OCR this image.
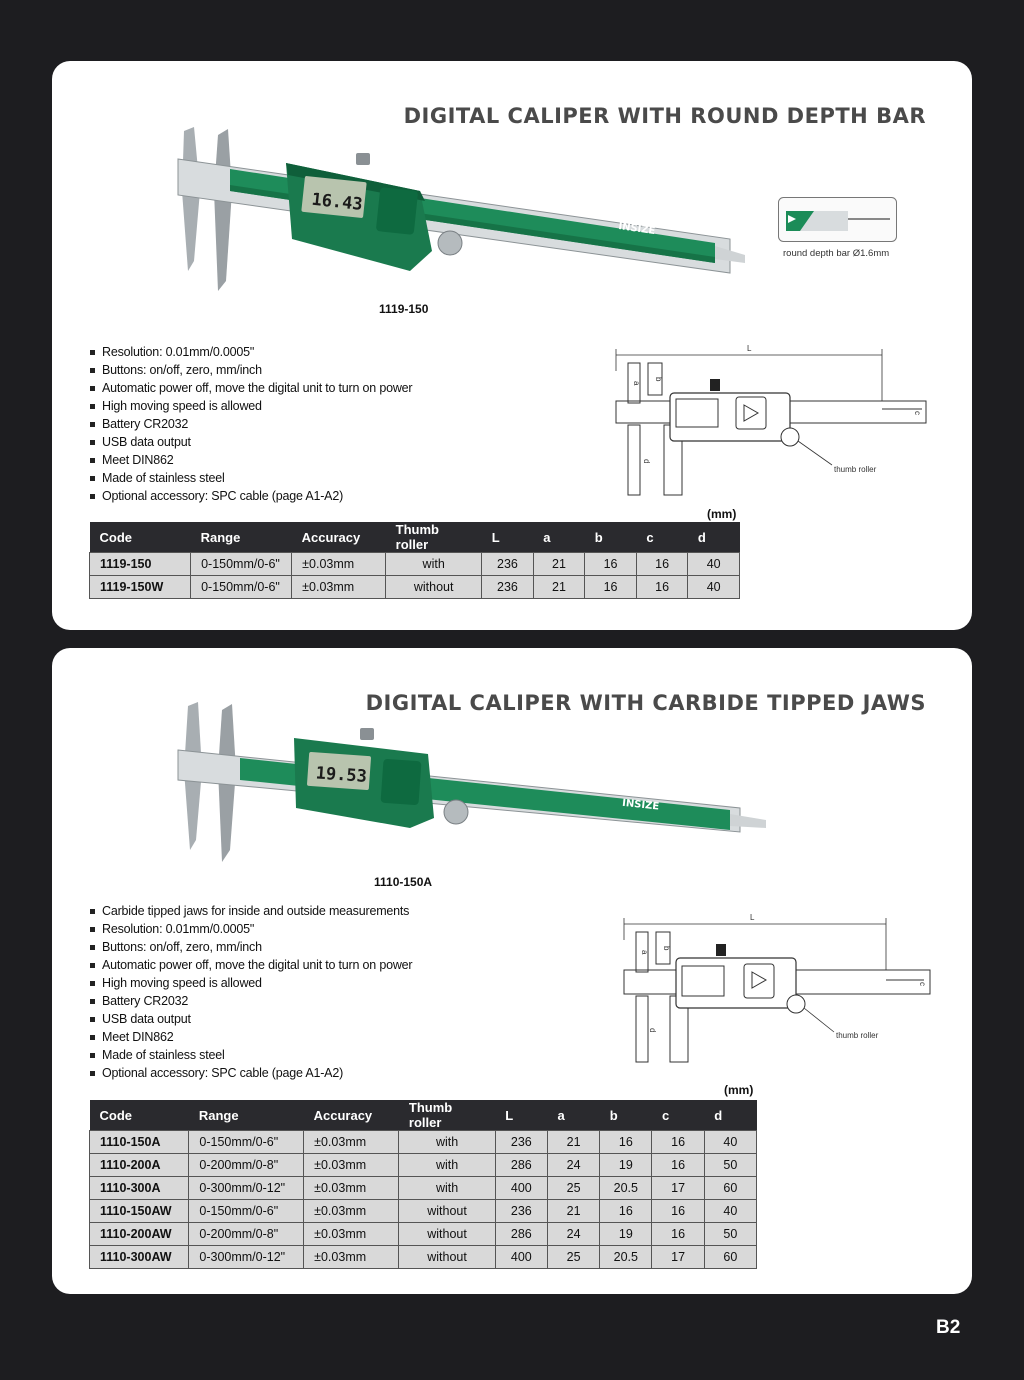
DIGITAL CALIPER WITH ROUND DEPTH BAR
16.43
INSIZE
round depth bar Ø1.6mm
1119-150
Resolution: 0.01mm/0.0005"
Buttons: on/off, zero, mm/inch
Automatic power off, move the digital unit to turn on power
High moving speed is allowed
Battery CR2032
USB data output
Meet DIN862
Made of stainless steel
Optional accessory: SPC cable (page A1-A2)
L
a
b
d
thumb roller
c
(mm)
Code	Range	Accuracy	Thumb roller	L	a	b	c	d
1119-150	0-150mm/0-6"	±0.03mm	with	236	21	16	16	40
1119-150W	0-150mm/0-6"	±0.03mm	without	236	21	16	16	40
DIGITAL CALIPER WITH CARBIDE TIPPED JAWS
19.53
INSIZE
1110-150A
Carbide tipped jaws for inside and outside measurements
Resolution: 0.01mm/0.0005"
Buttons: on/off, zero, mm/inch
Automatic power off, move the digital unit to turn on power
High moving speed is allowed
Battery CR2032
USB data output
Meet DIN862
Made of stainless steel
Optional accessory: SPC cable (page A1-A2)
L
a
b
d
thumb roller
c
(mm)
Code	Range	Accuracy	Thumb roller	L	a	b	c	d
1110-150A	0-150mm/0-6"	±0.03mm	with	236	21	16	16	40
1110-200A	0-200mm/0-8"	±0.03mm	with	286	24	19	16	50
1110-300A	0-300mm/0-12"	±0.03mm	with	400	25	20.5	17	60
1110-150AW	0-150mm/0-6"	±0.03mm	without	236	21	16	16	40
1110-200AW	0-200mm/0-8"	±0.03mm	without	286	24	19	16	50
1110-300AW	0-300mm/0-12"	±0.03mm	without	400	25	20.5	17	60
B2
